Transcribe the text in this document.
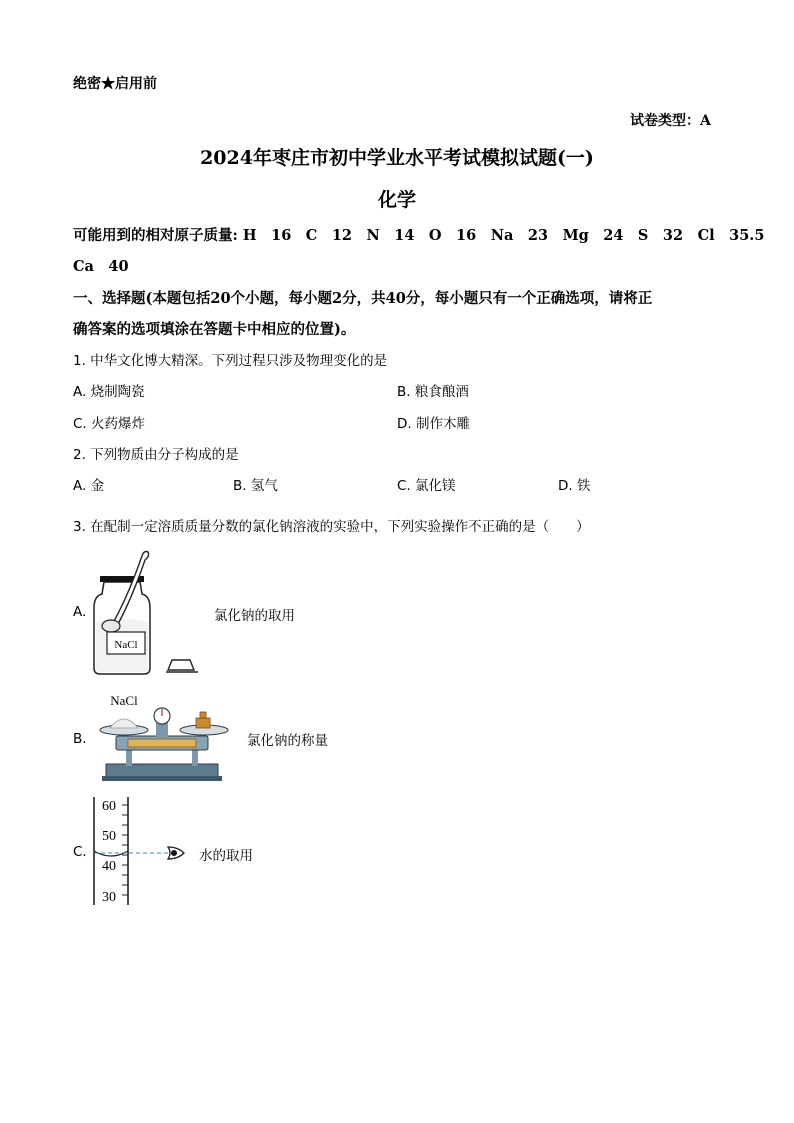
绝密★启用前
试卷类型：A
2024年枣庄市初中学业水平考试模拟试题(一)
化学
可能用到的相对原子质量: H　16　C　12　N　14　O　16　Na　23　Mg　24　S　32　Cl　35.5
Ca　40
一、选择题(本题包括20个小题，每小题2分，共40分，每小题只有一个正确选项，请将正
确答案的选项填涂在答题卡中相应的位置)。
1. 中华文化博大精深。下列过程只涉及物理变化的是
A. 烧制陶瓷	B. 粮食酿酒
C. 火药爆炸	D. 制作木雕
2. 下列物质由分子构成的是
A. 金	B. 氢气	C. 氯化镁	D. 铁
3. 在配制一定溶质质量分数的氯化钠溶液的实验中，下列实验操作不正确的是（　　）
A.
NaCl
氯化钠的取用
B.
NaCl
氯化钠的称量
C.
60
50
40
30
水的取用
